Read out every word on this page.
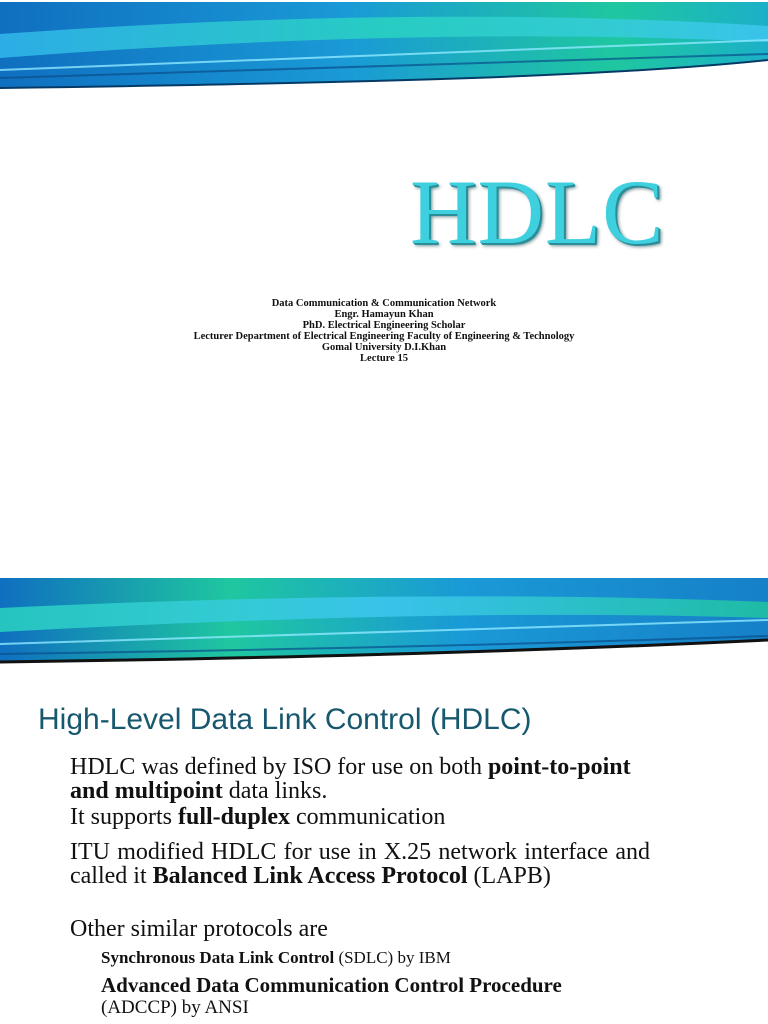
HDLC
Data Communication & Communication Network
Engr. Hamayun Khan
PhD. Electrical Engineering Scholar
Lecturer Department of Electrical Engineering Faculty of Engineering & Technology
Gomal University D.I.Khan
Lecture 15
High-Level Data Link Control (HDLC)
HDLC was defined by ISO for use on both point-to-point and multipoint data links.
It supports full-duplex communication
ITU modified HDLC for use in X.25 network interface and called it Balanced Link Access Protocol (LAPB)
Other similar protocols are
Synchronous Data Link Control (SDLC) by IBM
Advanced Data Communication Control Procedure
(ADCCP) by ANSI
